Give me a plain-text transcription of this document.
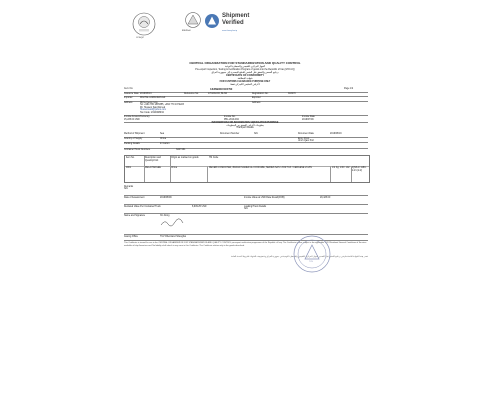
COSQC
IR/EP/ktfl
Shipment Verified
www.fumayhar.iq
CENTRAL ORGANIZATION FOR STANDARDIZATION AND QUALITY CONTROL
الجهاز المركزي للتقييس والسيطرة النوعية
Pre-export Inspection, Testing & Certification Program of goods into the Republic of Iraq (VOC-IQ)
برنامج الفحص والتحقق قبل الشحن للسلع المصدرة إلى جمهورية العراق
CERTIFICATE OF CONFORMITY
شهادة المطابقة
FOR CUSTOMS CLEARANCE PURPOSE ONLY
لأغراض التخليص الكمركي فقط
Page 1/2
Cert. No.	1336BOC0CF50
Issuance Date 2019/08/13	Reference No.	17019/LOR, BL/90	Registration No.	303470
Importer	DIGITAL AJMAKRAN EZ	Exporter
Address	Rizhe Kezel, lura
Tel: +964 780 1835355, +964 770 1372223
Mr. Hussein Said Ahmed
Husseinsaid@yahoo.com
Tax Code: 2310008034
Address
Invoice Amount/Currency
15,225.00 USD
Invoice No.
PBL-2019-034
Invoice Date
2019/07/09
INFORMATION FOR INFORMATION VERIFICATION PURPOSE
معلومات لأغراض التحقق من المعلومات
Transport Details
Method of Shipment	Sea	Document Number	N/A	Document Date	2019/08/19
Country of Supply	China	Entry Point
Umm Qasr Port
Packing Details	In Carton
Container/Truck Numbers	N44T461
Item No.	Description and Quantity/Unit
Origin as marked on goods	HS Code
0001	DELA PADGEE	China	RECEB CONDOITER, BRAND NAMED AL KOOKABE, SERIES SAS / ZOR TAX / CERGESE 21 ZIN	1/2 Kg: 136 / 102 IQS8-1/ 1180-2-21 (2-2)
Remarks
N/A
Date of Assessment	2019/08/09	Invoice Value at USD Rate Result(FOB)	29,425.00
Declared Value Per Container/Truck	8,909.25 USD	Loading/Truck Details
N/A
Name and Signature	Xin Dong
Issuing Office	TUV Rheinland Shanghai
This Certificate is issued for use in the CENTRAL ORGANIZATION FOR STANDARDIZATION AND QUALITY CONTROL pre-export verification programme of the Republic of Iraq. The Certificate is also subject to the applicable TUV Rheinland General Conditions of Services available at http://www.tuv.com/ No liability shall attach to any error in this Certificate. The Certificate relates only to the goods described.
تصدر هذه الشهادة للاستخدام في برنامج التحقق قبل التصدير للجهاز المركزي للتقييس والسيطرة النوعية في جمهورية العراق وتخضع هذه الشهادة لشروط الخدمة العامة
TUV
